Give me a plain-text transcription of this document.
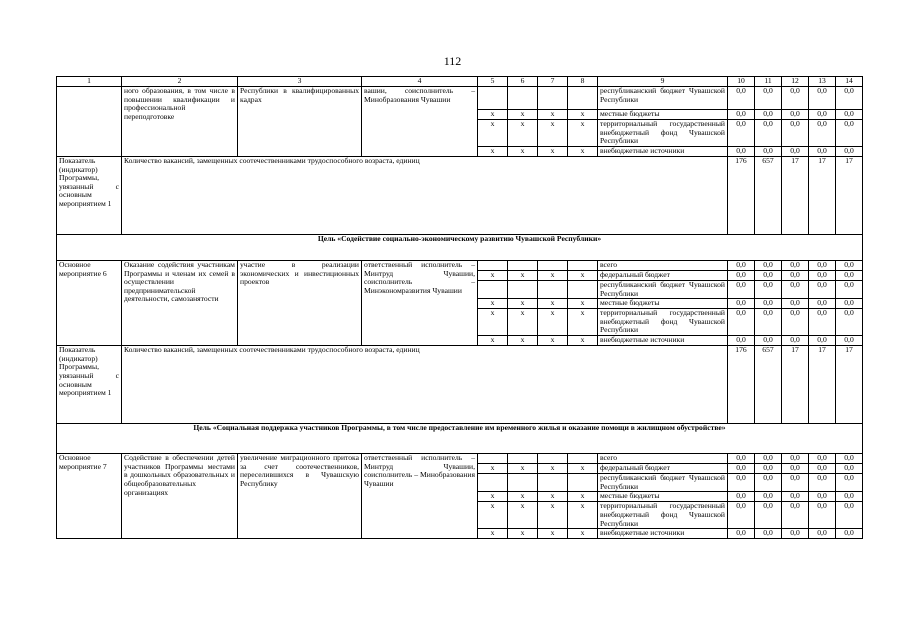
112
1	2	3	4	5	6	7	8	9	10	11	12	13	14
	ного образования, в том числе в повышении квалификации и профессиональной переподготовке	Республики в квалифицированных кадрах	вашии, соисполнитель – Минобразования Чувашии					республиканский бюджет Чувашской Республики	0,0	0,0	0,0	0,0	0,0
				x	x	x	x	местные бюджеты	0,0	0,0	0,0	0,0	0,0
				x	x	x	x	территориальный государственный внебюджетный фонд Чувашской Республики	0,0	0,0	0,0	0,0	0,0
				x	x	x	x	внебюджетные источники	0,0	0,0	0,0	0,0	0,0
Показатель (индикатор) Программы, увязанный с основным мероприятием 1	Количество вакансий, замещенных соотечественниками трудоспособного возраста, единиц								176	657	17	17	17
Цель «Содействие социально-экономическому развитию Чувашской Республики»													
Основное мероприятие 6	Оказание содействия участникам Программы и членам их семей в осуществлении предпринимательской деятельности, самозанятости	участие в реализации экономических и инвестиционных проектов	ответственный исполнитель – Минтруд Чувашии, соисполнитель – Минэкономразвития Чувашии					всего	0,0	0,0	0,0	0,0	0,0
				x	x	x	x	федеральный бюджет	0,0	0,0	0,0	0,0	0,0
								республиканский бюджет Чувашской Республики	0,0	0,0	0,0	0,0	0,0
				x	x	x	x	местные бюджеты	0,0	0,0	0,0	0,0	0,0
				x	x	x	x	территориальный государственный внебюджетный фонд Чувашской Республики	0,0	0,0	0,0	0,0	0,0
				x	x	x	x	внебюджетные источники	0,0	0,0	0,0	0,0	0,0
Показатель (индикатор) Программы, увязанный с основным мероприятием 1	Количество вакансий, замещенных соотечественниками трудоспособного возраста, единиц								176	657	17	17	17
Цель «Социальная поддержка участников Программы, в том числе предоставление им временного жилья и оказание помощи в жилищном обустройстве»													
Основное мероприятие 7	Содействие в обеспечении детей участников Программы местами в дошкольных образовательных и общеобразовательных организациях	увеличение миграционного притока за счет соотечественников, переселившихся в Чувашскую Республику	ответственный исполнитель – Минтруд Чувашии, соисполнитель – Минобразования Чувашии					всего	0,0	0,0	0,0	0,0	0,0
				x	x	x	x	федеральный бюджет	0,0	0,0	0,0	0,0	0,0
								республиканский бюджет Чувашской Республики	0,0	0,0	0,0	0,0	0,0
				x	x	x	x	местные бюджеты	0,0	0,0	0,0	0,0	0,0
				x	x	x	x	территориальный государственный внебюджетный фонд Чувашской Республики	0,0	0,0	0,0	0,0	0,0
				x	x	x	x	внебюджетные источники	0,0	0,0	0,0	0,0	0,0
